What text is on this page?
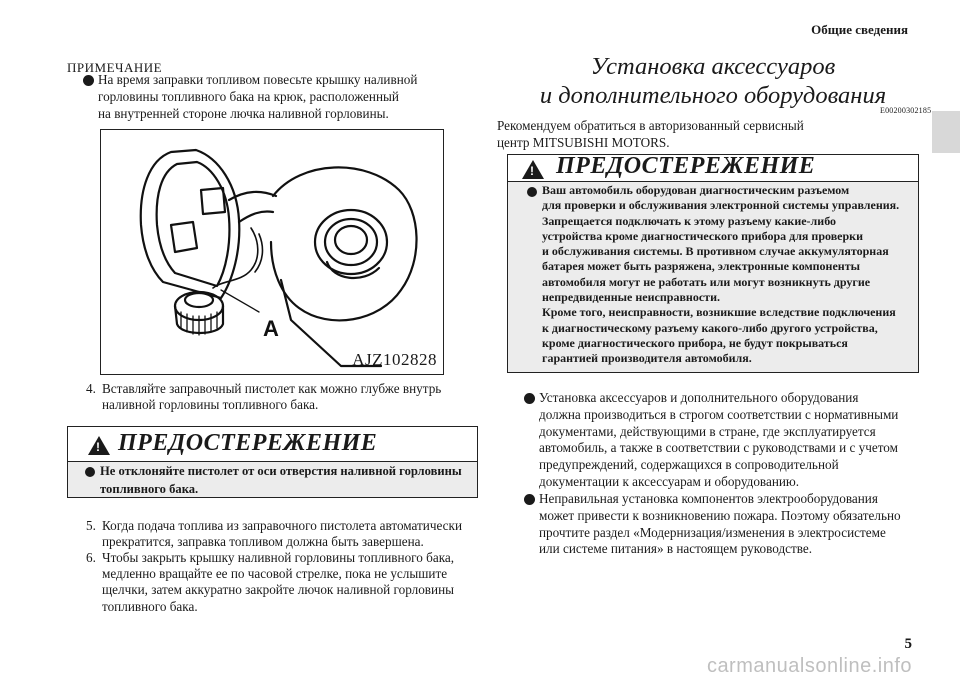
Общие сведения
5
carmanualsonline.info
ПРИМЕЧАНИЕ
На время заправки топливом повесьте крышку наливной
горловины топливного бака на крюк, расположенный
на внутренней стороне лючка наливной горловины.
A
AJZ102828
4. Вставляйте заправочный пистолет как можно глубже внутрь
наливной горловины топливного бака.
! ПРЕДОСТЕРЕЖЕНИЕ
Не отклоняйте пистолет от оси отверстия наливной горловины
топливного бака.
5. Когда подача топлива из заправочного пистолета автоматически
прекратится, заправка топливом должна быть завершена.
6. Чтобы закрыть крышку наливной горловины топливного бака,
медленно вращайте ее по часовой стрелке, пока не услышите
щелчки, затем аккуратно закройте лючок наливной горловины
топливного бака.
Установка аксессуаров
и дополнительного оборудования
E00200302185
Рекомендуем обратиться в авторизованный сервисный
центр MITSUBISHI MOTORS.
! ПРЕДОСТЕРЕЖЕНИЕ
Ваш автомобиль оборудован диагностическим разъемом
для проверки и обслуживания электронной системы управления.
Запрещается подключать к этому разъему какие-либо
устройства кроме диагностического прибора для проверки
и обслуживания системы. В противном случае аккумуляторная
батарея может быть разряжена, электронные компоненты
автомобиля могут не работать или могут возникнуть другие
непредвиденные неисправности.
Кроме того, неисправности, возникшие вследствие подключения
к диагностическому разъему какого-либо другого устройства,
кроме диагностического прибора, не будут покрываться
гарантией производителя автомобиля.
Установка аксессуаров и дополнительного оборудования
должна производиться в строгом соответствии с нормативными
документами, действующими в стране, где эксплуатируется
автомобиль, а также в соответствии с руководствами и с учетом
предупреждений, содержащихся в сопроводительной
документации к аксессуарам и оборудованию.
Неправильная установка компонентов электрооборудования
может привести к возникновению пожара. Поэтому обязательно
прочтите раздел «Модернизация/изменения в электросистеме
или системе питания» в настоящем руководстве.
